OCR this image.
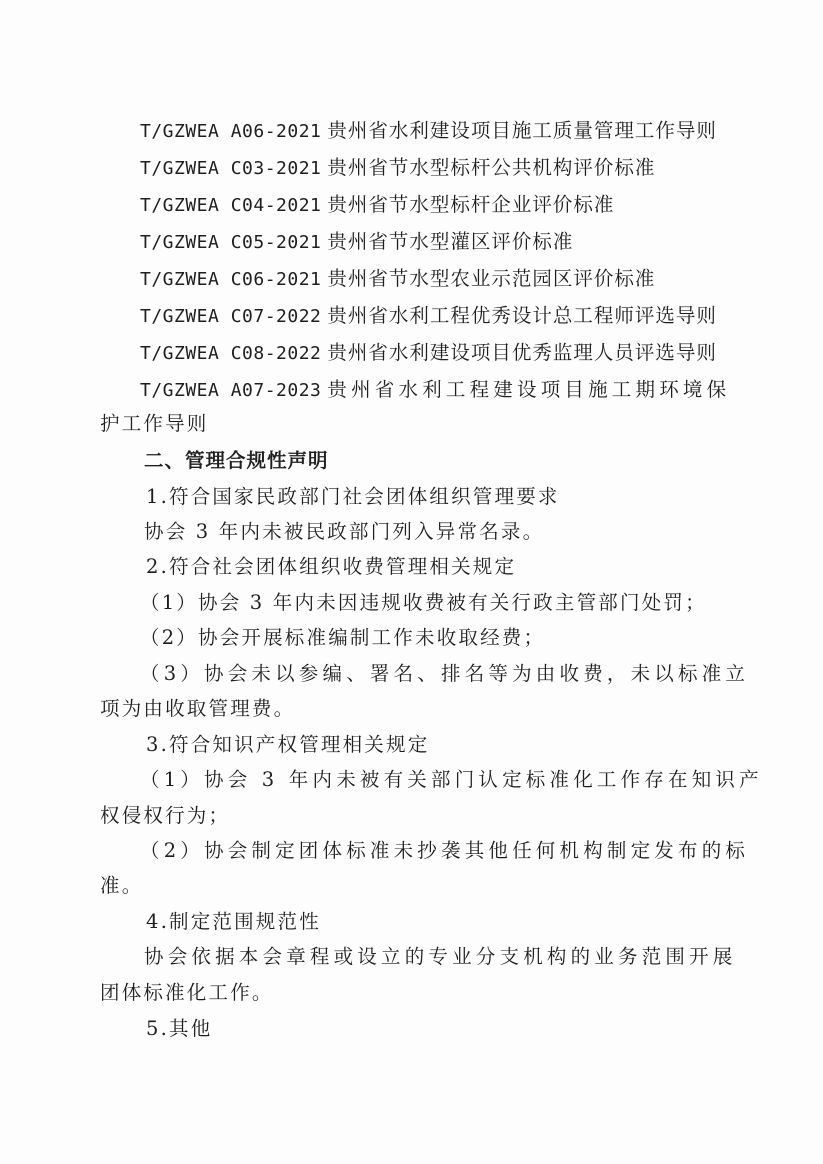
T/GZWEA A06-2021 贵州省水利建设项目施工质量管理工作导则
T/GZWEA C03-2021 贵州省节水型标杆公共机构评价标准
T/GZWEA C04-2021 贵州省节水型标杆企业评价标准
T/GZWEA C05-2021 贵州省节水型灌区评价标准
T/GZWEA C06-2021 贵州省节水型农业示范园区评价标准
T/GZWEA C07-2022 贵州省水利工程优秀设计总工程师评选导则
T/GZWEA C08-2022 贵州省水利建设项目优秀监理人员评选导则
T/GZWEA A07-2023 贵州省水利工程建设项目施工期环境保
护工作导则
二、管理合规性声明
1.符合国家民政部门社会团体组织管理要求
协会 3 年内未被民政部门列入异常名录。
2.符合社会团体组织收费管理相关规定
（1）协会 3 年内未因违规收费被有关行政主管部门处罚；
（2）协会开展标准编制工作未收取经费；
（3）协会未以参编、署名、排名等为由收费，未以标准立
项为由收取管理费。
3.符合知识产权管理相关规定
（1）协会 3 年内未被有关部门认定标准化工作存在知识产
权侵权行为；
（2）协会制定团体标准未抄袭其他任何机构制定发布的标
准。
4.制定范围规范性
协会依据本会章程或设立的专业分支机构的业务范围开展
团体标准化工作。
5.其他
